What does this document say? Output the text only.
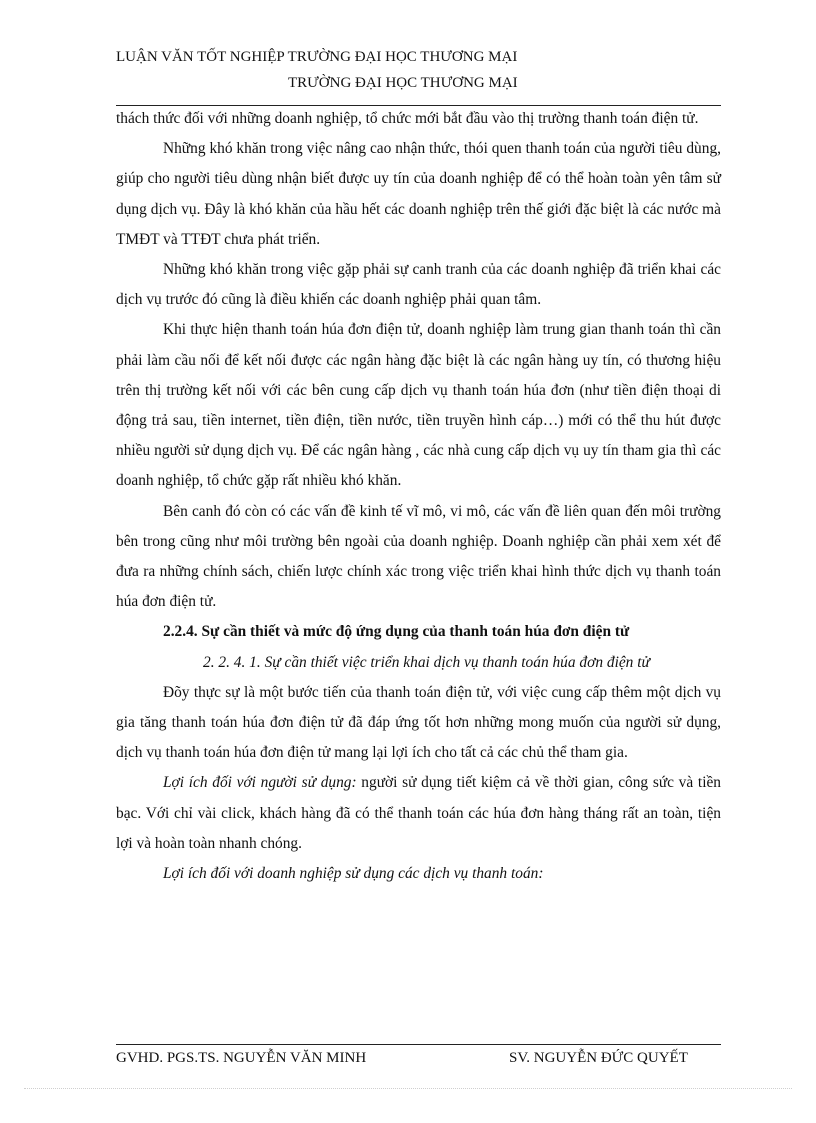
LUẬN VĂN TỐT NGHIỆP TRƯỜNG ĐẠI HỌC THƯƠNG MẠI
TRƯỜNG ĐẠI HỌC THƯƠNG MẠI

thách thức đối với những doanh nghiệp, tổ chức mới bắt đầu vào thị trường thanh toán điện tử.

Những khó khăn trong việc nâng cao nhận thức, thói quen thanh toán của người tiêu dùng, giúp cho người tiêu dùng nhận biết được uy tín của doanh nghiệp để có thể hoàn toàn yên tâm sử dụng dịch vụ. Đây là khó khăn của hầu hết các doanh nghiệp trên thế giới đặc biệt là các nước mà TMĐT và TTĐT chưa phát triển.

Những khó khăn trong việc gặp phải sự canh tranh của các doanh nghiệp đã triển khai các dịch vụ trước đó cũng là điều khiến các doanh nghiệp phải quan tâm.

Khi thực hiện thanh toán húa đơn điện tử, doanh nghiệp làm trung gian thanh toán thì cần phải làm cầu nối để kết nối được các ngân hàng đặc biệt là các ngân hàng uy tín, có thương hiệu trên thị trường kết nối với các bên cung cấp dịch vụ thanh toán húa đơn (như tiền điện thoại di động trả sau, tiền internet, tiền điện, tiền nước, tiền truyền hình cáp…) mới có thể thu hút được nhiều người sử dụng dịch vụ. Để các ngân hàng , các nhà cung cấp dịch vụ uy tín tham gia thì các doanh nghiệp, tổ chức gặp rất nhiều khó khăn.

Bên canh đó còn có các vấn đề kinh tế vĩ mô, vi mô, các vấn đề liên quan đến môi trường bên trong cũng như môi trường bên ngoài của doanh nghiệp. Doanh nghiệp cần phải xem xét để đưa ra những chính sách, chiến lược chính xác trong việc triển khai hình thức dịch vụ thanh toán húa đơn điện tử.

2.2.4. Sự cần thiết và mức độ ứng dụng của thanh toán húa đơn điện tử

2. 2. 4. 1. Sự cần thiết việc triển khai dịch vụ thanh toán húa đơn điện tử

Đõy thực sự là một bước tiến của thanh toán điện tử, với việc cung cấp thêm một dịch vụ gia tăng thanh toán húa đơn điện tử đã đáp ứng tốt hơn những mong muốn của người sử dụng, dịch vụ thanh toán húa đơn điện tử mang lại lợi ích cho tất cả các chủ thể tham gia.

Lợi ích đối với người sử dụng: người sử dụng tiết kiệm cả về thời gian, công sức và tiền bạc. Với chỉ vài click, khách hàng đã có thể thanh toán các húa đơn hàng tháng rất an toàn, tiện lợi và hoàn toàn nhanh chóng.

Lợi ích đối với doanh nghiệp sử dụng các dịch vụ thanh toán:

GVHD. PGS.TS. NGUYỄN VĂN MINH	SV. NGUYỄN ĐỨC QUYẾT
